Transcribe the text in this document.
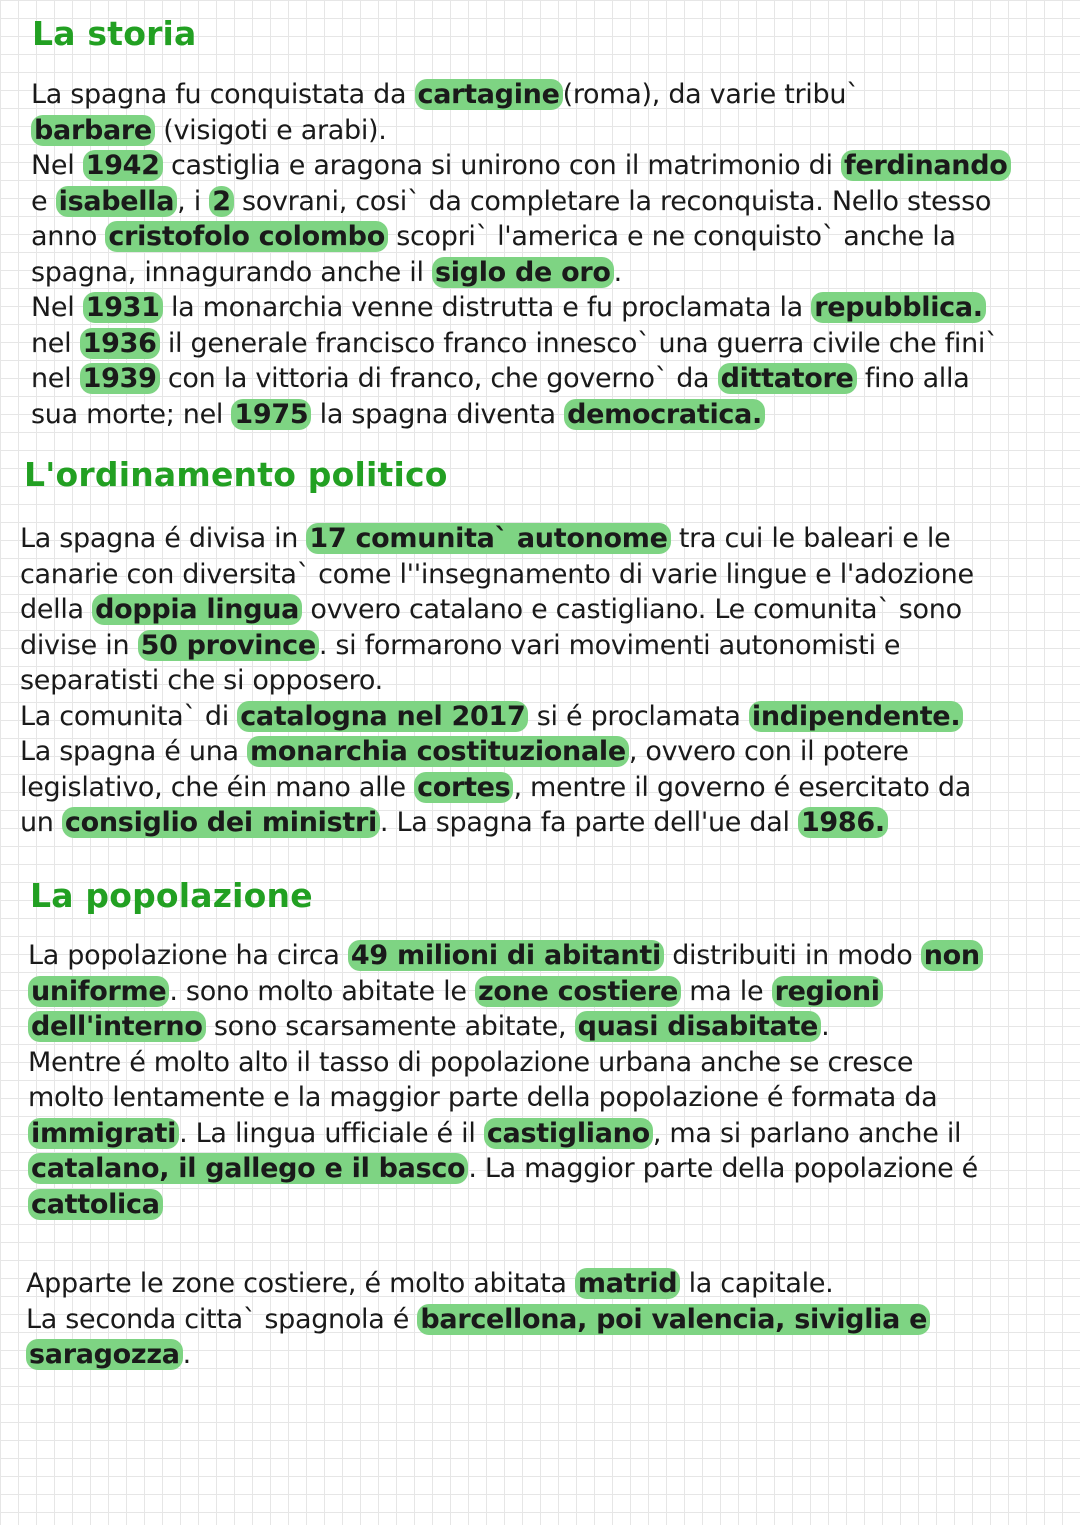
La storia
La spagna fu conquistata da cartagine (roma), da varie tribu`
barbare (visigoti e arabi).
Nel 1942 castiglia e aragona si unirono con il matrimonio di ferdinando
e isabella , i 2 sovrani, cosi` da completare la reconquista. Nello stesso
anno cristofolo colombo scopri` l'america e ne conquisto` anche la
spagna, innagurando anche il siglo de oro .
Nel 1931 la monarchia venne distrutta e fu proclamata la repubblica.
nel 1936 il generale francisco franco innesco` una guerra civile che fini`
nel 1939 con la vittoria di franco, che governo` da dittatore fino alla
sua morte; nel 1975 la spagna diventa democratica.
L'ordinamento politico
La spagna é divisa in 17 comunita` autonome tra cui le baleari e le
canarie con diversita` come l''insegnamento di varie lingue e l'adozione
della doppia lingua ovvero catalano e castigliano. Le comunita` sono
divise in 50 province . si formarono vari movimenti autonomisti e
separatisti che si opposero.
La comunita` di catalogna nel 2017 si é proclamata indipendente.
La spagna é una monarchia costituzionale , ovvero con il potere
legislativo, che éin mano alle cortes , mentre il governo é esercitato da
un consiglio dei ministri . La spagna fa parte dell'ue dal 1986.
La popolazione
La popolazione ha circa 49 milioni di abitanti distribuiti in modo non
uniforme . sono molto abitate le zone costiere ma le regioni
dell'interno sono scarsamente abitate, quasi disabitate .
Mentre é molto alto il tasso di popolazione urbana anche se cresce
molto lentamente e la maggior parte della popolazione é formata da
immigrati . La lingua ufficiale é il castigliano , ma si parlano anche il
catalano, il gallego e il basco . La maggior parte della popolazione é
cattolica
Apparte le zone costiere, é molto abitata matrid la capitale.
La seconda citta` spagnola é barcellona, poi valencia, siviglia e
saragozza .
